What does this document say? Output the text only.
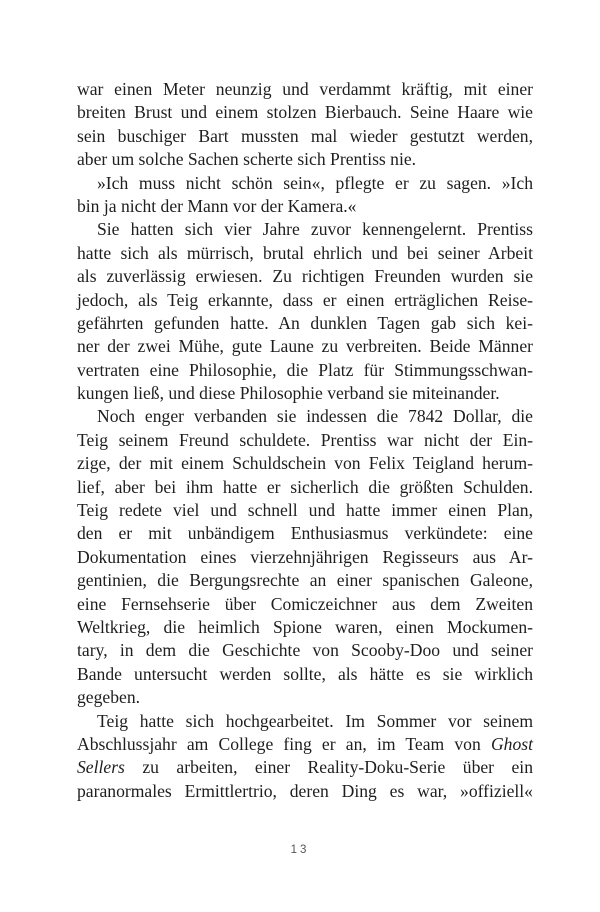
war einen Meter neunzig und verdammt kräftig, mit einer
breiten Brust und einem stolzen Bierbauch. Seine Haare wie
sein buschiger Bart mussten mal wieder gestutzt werden,
aber um solche Sachen scherte sich Prentiss nie.
»Ich muss nicht schön sein«, pflegte er zu sagen. »Ich
bin ja nicht der Mann vor der Kamera.«
Sie hatten sich vier Jahre zuvor kennengelernt. Prentiss
hatte sich als mürrisch, brutal ehrlich und bei seiner Arbeit
als zuverlässig erwiesen. Zu richtigen Freunden wurden sie
jedoch, als Teig erkannte, dass er einen erträglichen Reise-
gefährten gefunden hatte. An dunklen Tagen gab sich kei-
ner der zwei Mühe, gute Laune zu verbreiten. Beide Männer
vertraten eine Philosophie, die Platz für Stimmungsschwan-
kungen ließ, und diese Philosophie verband sie miteinander.
Noch enger verbanden sie indessen die 7842 Dollar, die
Teig seinem Freund schuldete. Prentiss war nicht der Ein-
zige, der mit einem Schuldschein von Felix Teigland herum-
lief, aber bei ihm hatte er sicherlich die größten Schulden.
Teig redete viel und schnell und hatte immer einen Plan,
den er mit unbändigem Enthusiasmus verkündete: eine
Dokumentation eines vierzehnjährigen Regisseurs aus Ar-
gentinien, die Bergungsrechte an einer spanischen Galeone,
eine Fernsehserie über Comiczeichner aus dem Zweiten
Weltkrieg, die heimlich Spione waren, einen Mockumen-
tary, in dem die Geschichte von Scooby-Doo und seiner
Bande untersucht werden sollte, als hätte es sie wirklich
gegeben.
Teig hatte sich hochgearbeitet. Im Sommer vor seinem
Abschlussjahr am College fing er an, im Team von Ghost
Sellers zu arbeiten, einer Reality-Doku-Serie über ein
paranormales Ermittlertrio, deren Ding es war, »offiziell«
13
